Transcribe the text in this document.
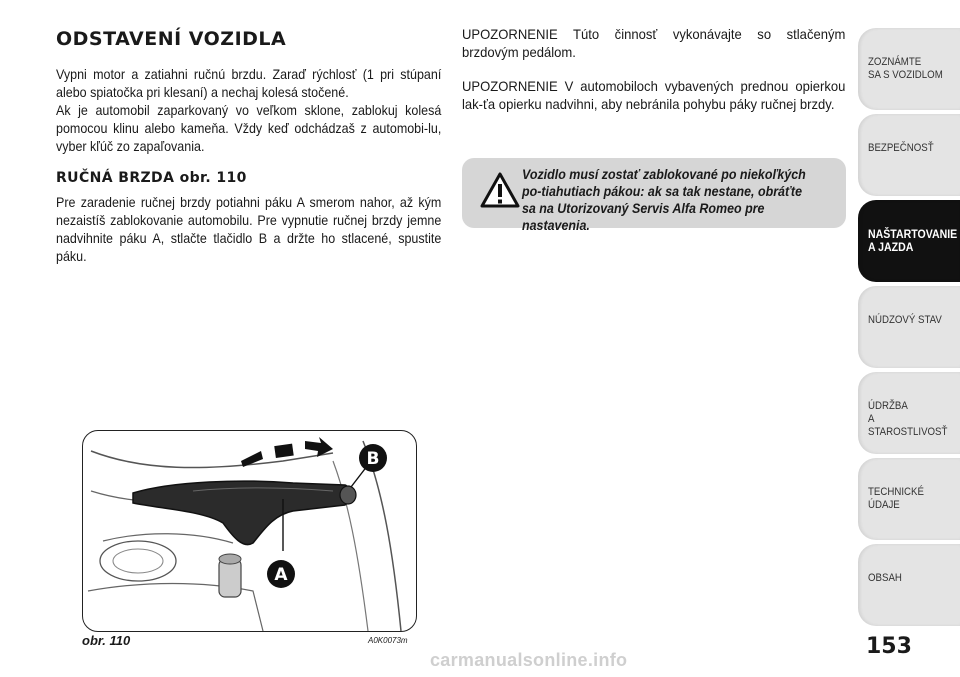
ODSTAVENÍ VOZIDLA

Vypni motor a zatiahni ručnú brzdu. Zaraď rýchlosť (1 pri stúpaní alebo spiatočka pri klesaní) a nechaj kolesá stočené.

Ak je automobil zaparkovaný vo veľkom sklone, zablokuj kolesá pomocou klinu alebo kameňa. Vždy keď odchádzaš z automobi-lu, vyber kľúč zo zapaľovania.

RUČNÁ BRZDA obr. 110

Pre zaradenie ručnej brzdy potiahni páku A smerom nahor, až kým nezaistíš zablokovanie automobilu. Pre vypnutie ručnej brzdy jemne nadvihnite páku A, stlačte tlačidlo B a držte ho stlacené, spustite páku.

UPOZORNENIE Túto činnosť vykonávajte so stlačeným brzdovým pedálom.

UPOZORNENIE V automobiloch vybavených prednou opierkou lak-ťa opierku nadvihni, aby nebránila pohybu páky ručnej brzdy.

Vozidlo musí zostať zablokované po niekoľkých po-tiahutiach pákou: ak sa tak nestane, obráťte sa na Utorizovaný Servis Alfa Romeo pre nastavenia.

B
A
obr. 110	A0K0073m	153
ZOZNÁMTE
SA S VOZIDLOM
BEZPEČNOSŤ
NAŠTARTOVANIE
A JAZDA
NÚDZOVÝ STAV
ÚDRŽBA
A STAROSTLIVOSŤ
TECHNICKÉ
ÚDAJE
OBSAH
carmanualsonline.info
